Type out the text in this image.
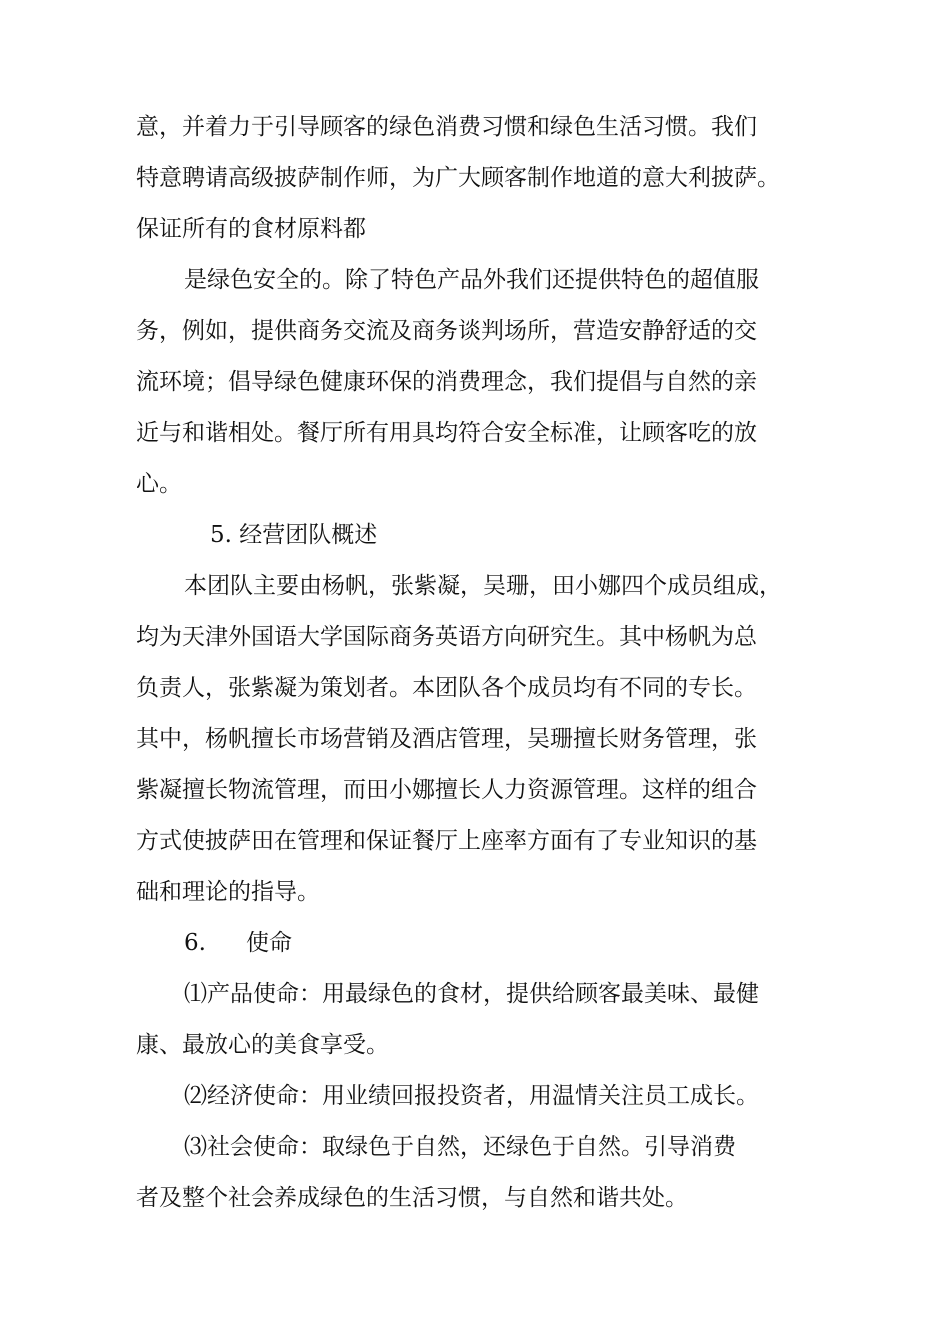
意，并着力于引导顾客的绿色消费习惯和绿色生活习惯。我们
特意聘请高级披萨制作师，为广大顾客制作地道的意大利披萨。
保证所有的食材原料都
是绿色安全的。除了特色产品外我们还提供特色的超值服
务，例如，提供商务交流及商务谈判场所，营造安静舒适的交
流环境；倡导绿色健康环保的消费理念，我们提倡与自然的亲
近与和谐相处。餐厅所有用具均符合安全标准，让顾客吃的放
心。
5. 经营团队概述
本团队主要由杨帆，张紫凝，吴珊，田小娜四个成员组成，
均为天津外国语大学国际商务英语方向研究生。其中杨帆为总
负责人，张紫凝为策划者。本团队各个成员均有不同的专长。
其中，杨帆擅长市场营销及酒店管理，吴珊擅长财务管理，张
紫凝擅长物流管理，而田小娜擅长人力资源管理。这样的组合
方式使披萨田在管理和保证餐厅上座率方面有了专业知识的基
础和理论的指导。
6. 使命
⑴产品使命：用最绿色的食材，提供给顾客最美味、最健
康、最放心的美食享受。
⑵经济使命：用业绩回报投资者，用温情关注员工成长。
⑶社会使命：取绿色于自然，还绿色于自然。引导消费
者及整个社会养成绿色的生活习惯，与自然和谐共处。
